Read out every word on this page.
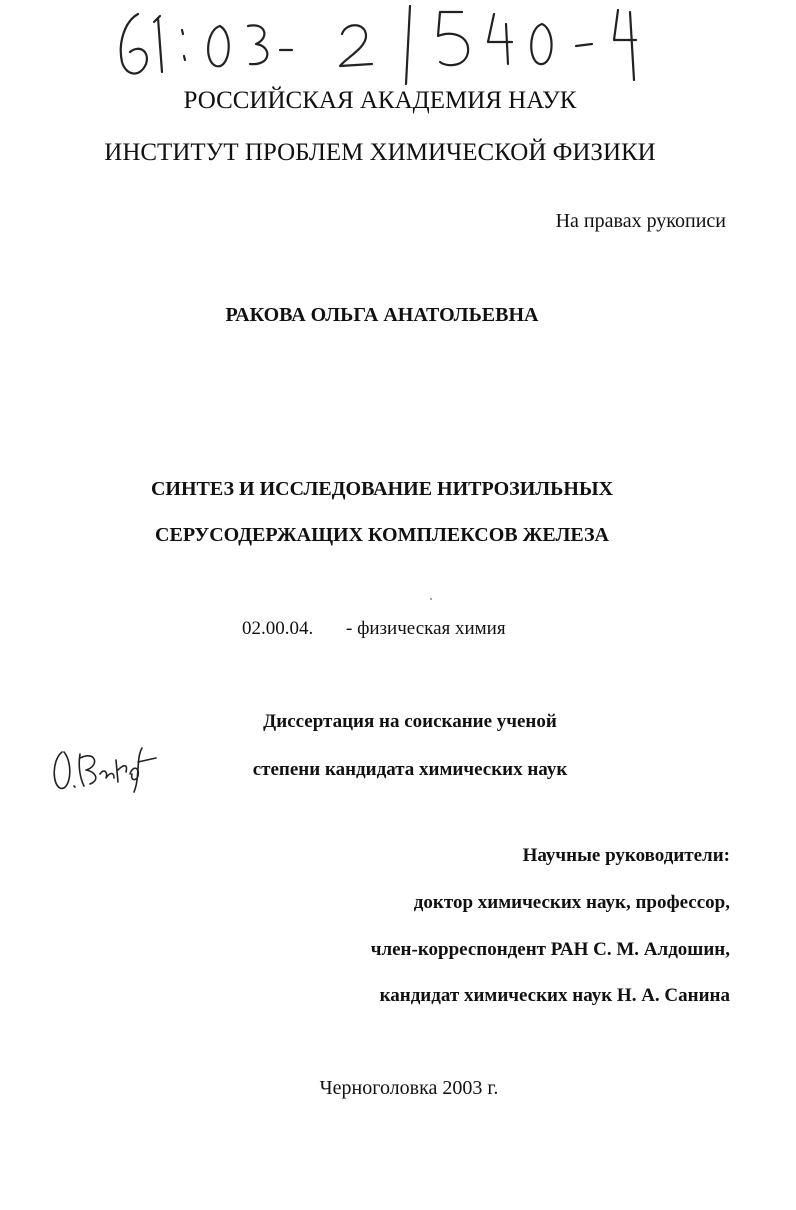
РОССИЙСКАЯ АКАДЕМИЯ НАУК
ИНСТИТУТ ПРОБЛЕМ ХИМИЧЕСКОЙ ФИЗИКИ
На правах рукописи
РАКОВА ОЛЬГА АНАТОЛЬЕВНА
СИНТЕЗ И ИССЛЕДОВАНИЕ НИТРОЗИЛЬНЫХ
СЕРУСОДЕРЖАЩИХ КОМПЛЕКСОВ ЖЕЛЕЗА
02.00.04. - физическая химия
Диссертация на соискание ученой
степени кандидата химических наук
Научные руководители:
доктор химических наук, профессор,
член-корреспондент РАН С. М. Алдошин,
кандидат химических наук Н. А. Санина
Черноголовка 2003 г.
